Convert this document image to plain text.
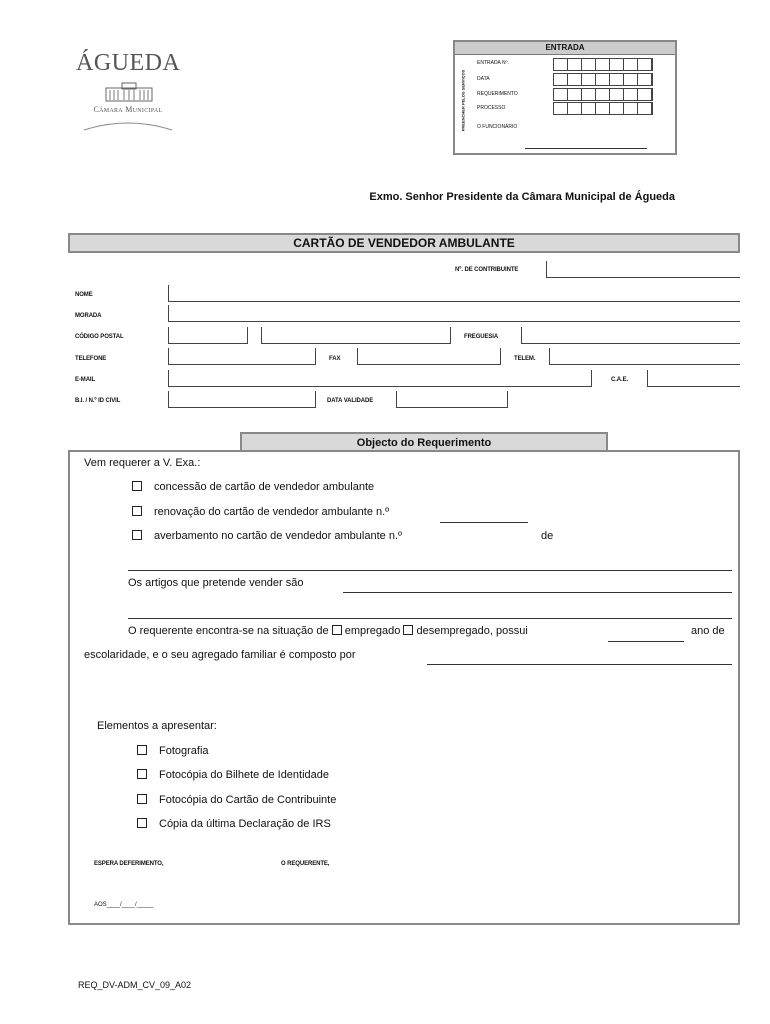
ÁGUEDA
Câmara Municipal
ENTRADA
PREENCHER PELOS SERVIÇOS
ENTRADA Nº.
DATA
REQUERIMENTO
PROCESSO
O FUNCIONÁRIO
Exmo. Senhor Presidente da Câmara Municipal de Águeda
CARTÃO DE VENDEDOR AMBULANTE
Nº. DE CONTRIBUINTE
NOME
MORADA
CÓDIGO POSTAL	FREGUESIA
TELEFONE	FAX	TELEM.
E-MAIL	C.A.E.
B.I. / N.º ID CIVIL	DATA VALIDADE
Objecto do Requerimento
Vem requerer a V. Exa.:
concessão de cartão de vendedor ambulante
renovação do cartão de vendedor ambulante n.º
averbamento no cartão de vendedor ambulante n.º	de
Os artigos que pretende vender são
O requerente encontra-se na situação de empregado desempregado, possui	ano de
escolaridade, e o seu agregado familiar é composto por
Elementos a apresentar:
Fotografia
Fotocópia do Bilhete de Identidade
Fotocópia do Cartão de Contribuinte
Cópia da última Declaração de IRS
ESPERA DEFERIMENTO,	O REQUERENTE,
AOS____/____/_____
REQ_DV-ADM_CV_09_A02
